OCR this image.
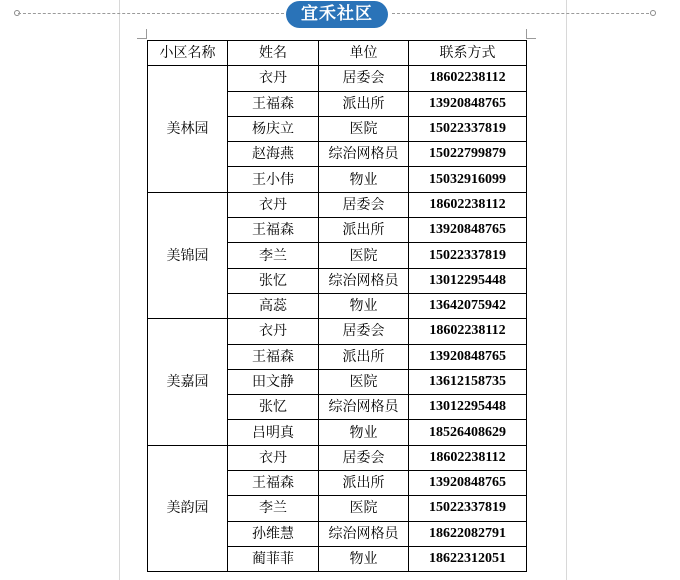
宜禾社区
小区名称	姓名	单位	联系方式
美林园	衣丹	居委会	18602238112
	王福森	派出所	13920848765
	杨庆立	医院	15022337819
	赵海燕	综治网格员	15022799879
	王小伟	物业	15032916099
美锦园	衣丹	居委会	18602238112
	王福森	派出所	13920848765
	李兰	医院	15022337819
	张忆	综治网格员	13012295448
	高蕊	物业	13642075942
美嘉园	衣丹	居委会	18602238112
	王福森	派出所	13920848765
	田文静	医院	13612158735
	张忆	综治网格员	13012295448
	吕明真	物业	18526408629
美韵园	衣丹	居委会	18602238112
	王福森	派出所	13920848765
	李兰	医院	15022337819
	孙维慧	综治网格员	18622082791
	蔺菲菲	物业	18622312051
